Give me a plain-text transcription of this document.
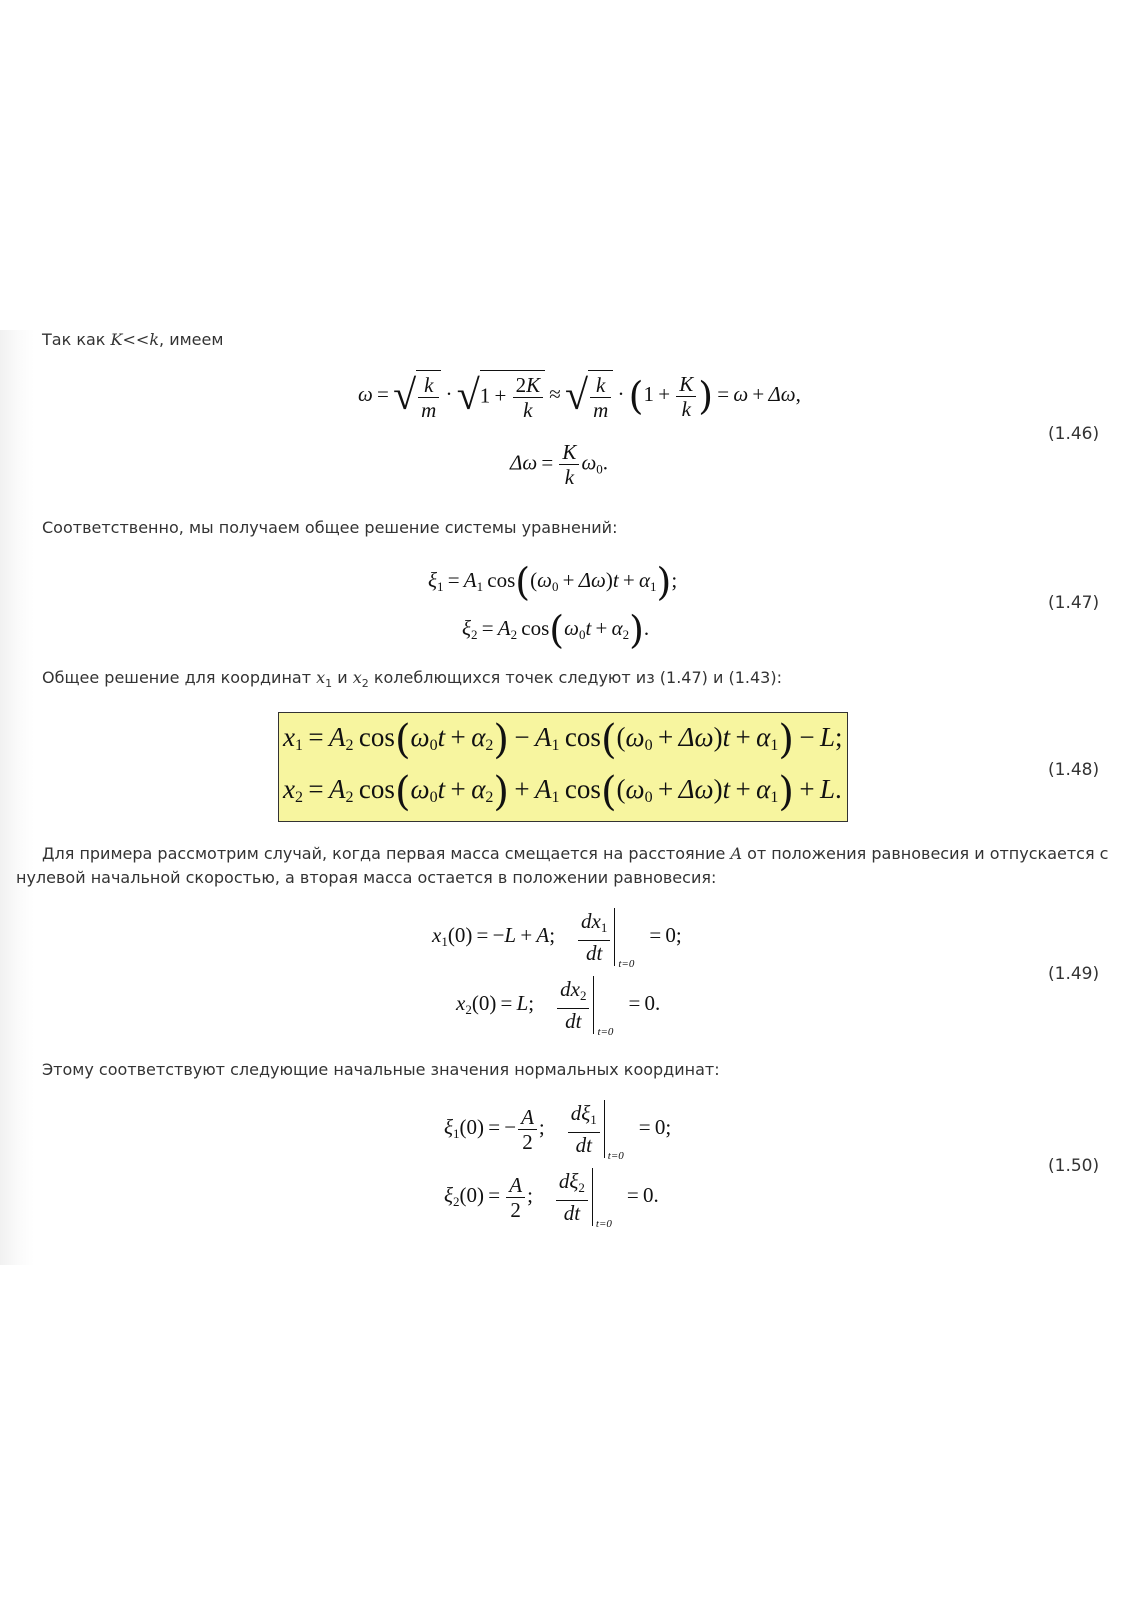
Так как K<<k, имеем
ω = √ $\frac{k}{m} \cdot √1 + \frac{2K}{k}$  ≈ √ $\frac{k}{m} \cdot (1 + \frac{K}{k}$ ) = ω + Δω,
$\Delta\omega = \frac{K}{k} \omega_0$.
(1.46)
Соответственно, мы получаем общее решение системы уравнений:
$\xi_1 = A_1$ $\cos((\omega_0 + \Delta\omega)t + \alpha_1)$;
$\xi_2 = A_2$ $\cos(\omega_0t + \alpha_2)$.
(1.47)
Общее решение для координат $x_1$ и $x_2$ колеблющихся точек следуют из (1.47) и (1.43):
$x_1 = A_2$ $\cos(\omega_0t + \alpha_2) - A_1$ $\cos((\omega_0 + \Delta\omega)t + \alpha_1) - L$;
$x_2 = A_2$ $\cos(\omega_0t + \alpha_2) + A_1$ $\cos((\omega_0 + \Delta\omega)t + \alpha_1) + L$.
(1.48)
Для примера рассмотрим случай, когда первая масса смещается на расстояние A от положения равновесия и отпускается с
нулевой начальной скоростью, а вторая масса остается в положении равновесия:
$x_1(0) = -L + A$;   $\frac{dx_1}{dt} t=0$
= 0;
$x_2(0) = L$;   $\frac{dx_2}{dt} t=0$
= 0.
(1.49)
Этому соответствуют следующие начальные значения нормальных координат:
$\xi_1(0)$ = − $\frac{A}{2}$ ;   $\frac{d\xi_1}{dt} t=0$
= 0;
$\xi_2(0) = \frac{A}{2}$ ;   $\frac{d\xi_2}{dt} t=0$
= 0.
(1.50)
